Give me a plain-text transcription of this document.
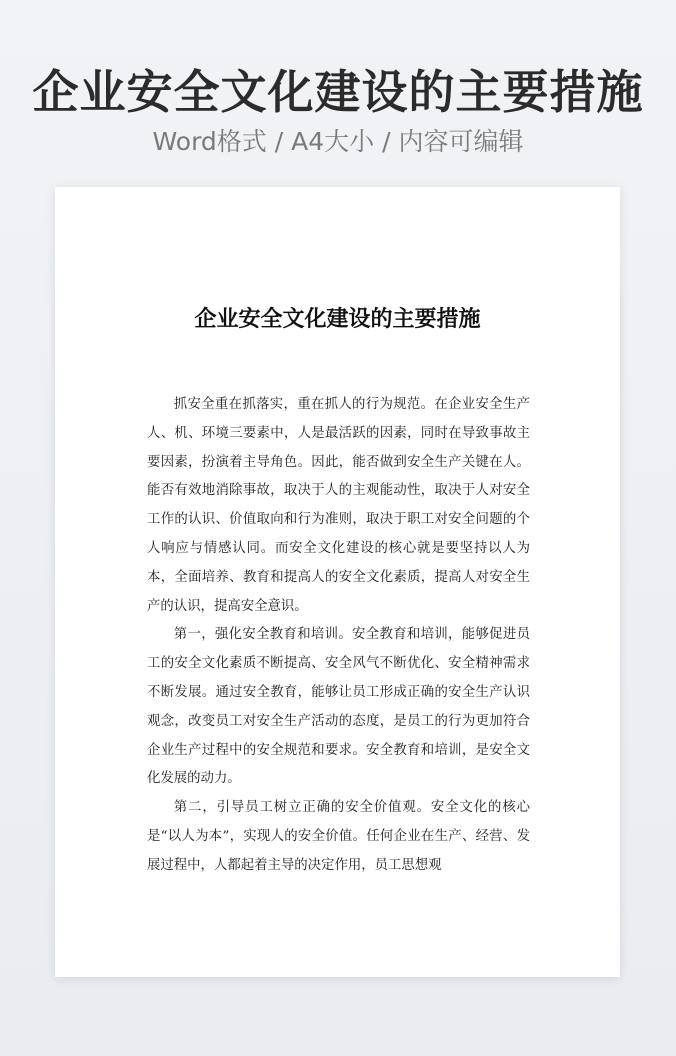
企业安全文化建设的主要措施
Word格式 / A4大小 / 内容可编辑
企业安全文化建设的主要措施

抓安全重在抓落实，重在抓人的行为规范。在企业安全生产人、机、环境三要素中，人是最活跃的因素，同时在导致事故主要因素，扮演着主导角色。因此，能否做到安全生产关键在人。能否有效地消除事故，取决于人的主观能动性，取决于人对安全工作的认识、价值取向和行为准则，取决于职工对安全问题的个人响应与情感认同。而安全文化建设的核心就是要坚持以人为本，全面培养、教育和提高人的安全文化素质，提高人对安全生产的认识，提高安全意识。

第一，强化安全教育和培训。安全教育和培训，能够促进员工的安全文化素质不断提高、安全风气不断优化、安全精神需求不断发展。通过安全教育，能够让员工形成正确的安全生产认识观念，改变员工对安全生产活动的态度，是员工的行为更加符合企业生产过程中的安全规范和要求。安全教育和培训，是安全文化发展的动力。

第二，引导员工树立正确的安全价值观。安全文化的核心是“以人为本”，实现人的安全价值。任何企业在生产、经营、发展过程中，人都起着主导的决定作用，员工思想观
